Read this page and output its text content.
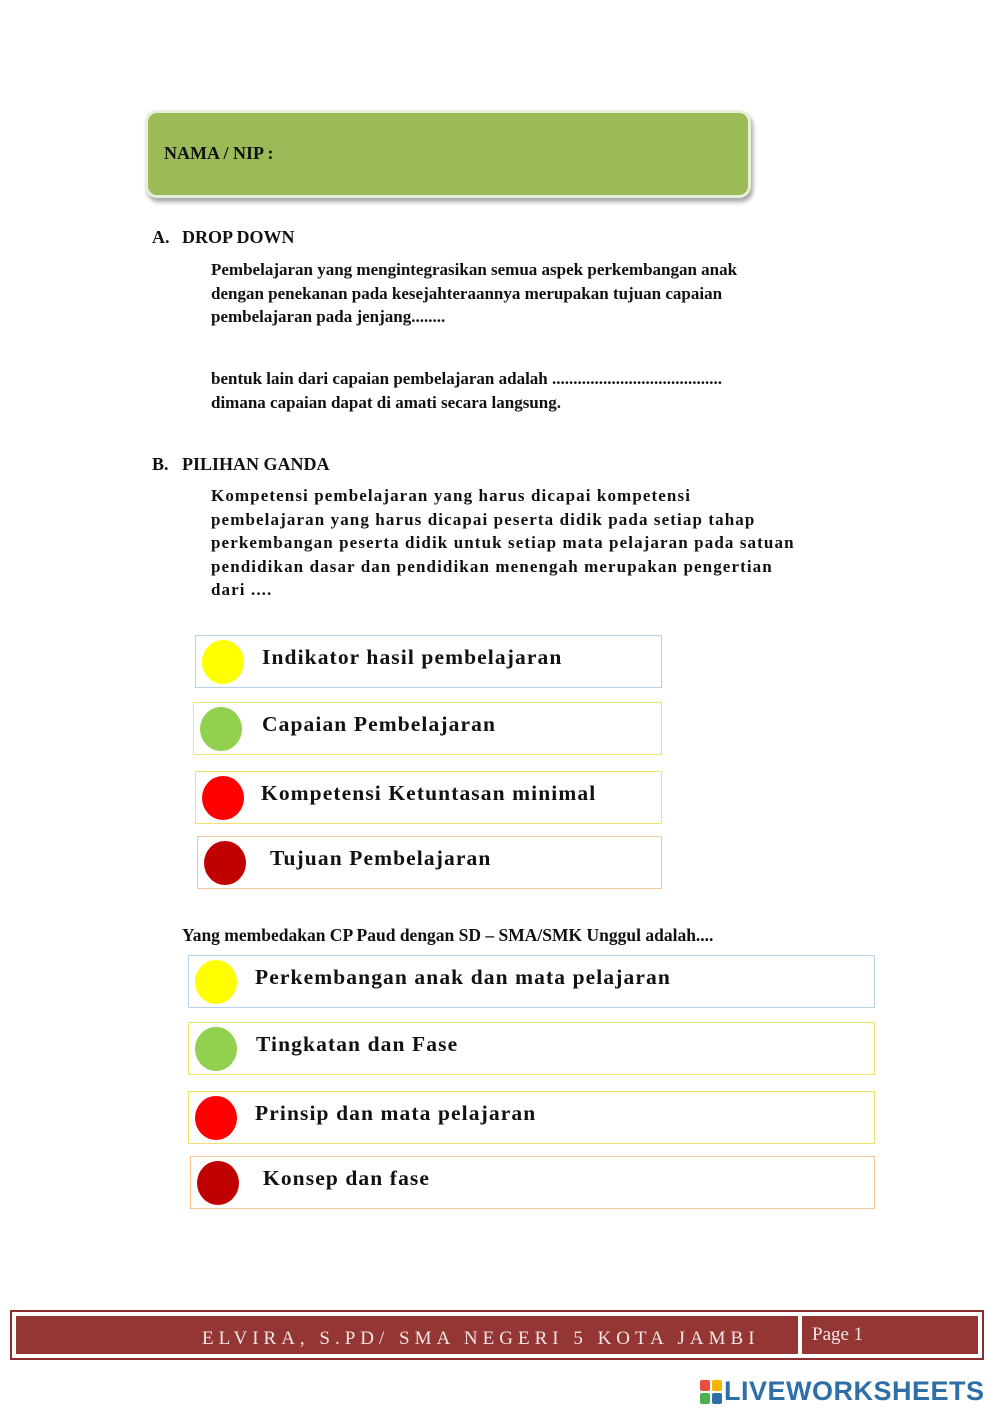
NAMA / NIP :
A. DROP DOWN
Pembelajaran yang mengintegrasikan semua aspek perkembangan anak
dengan penekanan pada kesejahteraannya merupakan tujuan capaian
pembelajaran pada jenjang........
bentuk lain dari capaian pembelajaran adalah ........................................
dimana capaian dapat di amati secara langsung.
B. PILIHAN GANDA
Kompetensi pembelajaran yang harus dicapai kompetensi
pembelajaran yang harus dicapai peserta didik pada setiap tahap
perkembangan peserta didik untuk setiap mata pelajaran pada satuan
pendidikan dasar dan pendidikan menengah merupakan pengertian
dari ....
Indikator hasil pembelajaran
Capaian Pembelajaran
Kompetensi Ketuntasan minimal
Tujuan Pembelajaran
Yang membedakan CP Paud dengan SD – SMA/SMK Unggul adalah....
Perkembangan anak dan mata pelajaran
Tingkatan dan Fase
Prinsip dan mata pelajaran
Konsep dan fase
ELVIRA, S.PD/ SMA NEGERI 5 KOTA JAMBI	Page 1
LIVEWORKSHEETS
